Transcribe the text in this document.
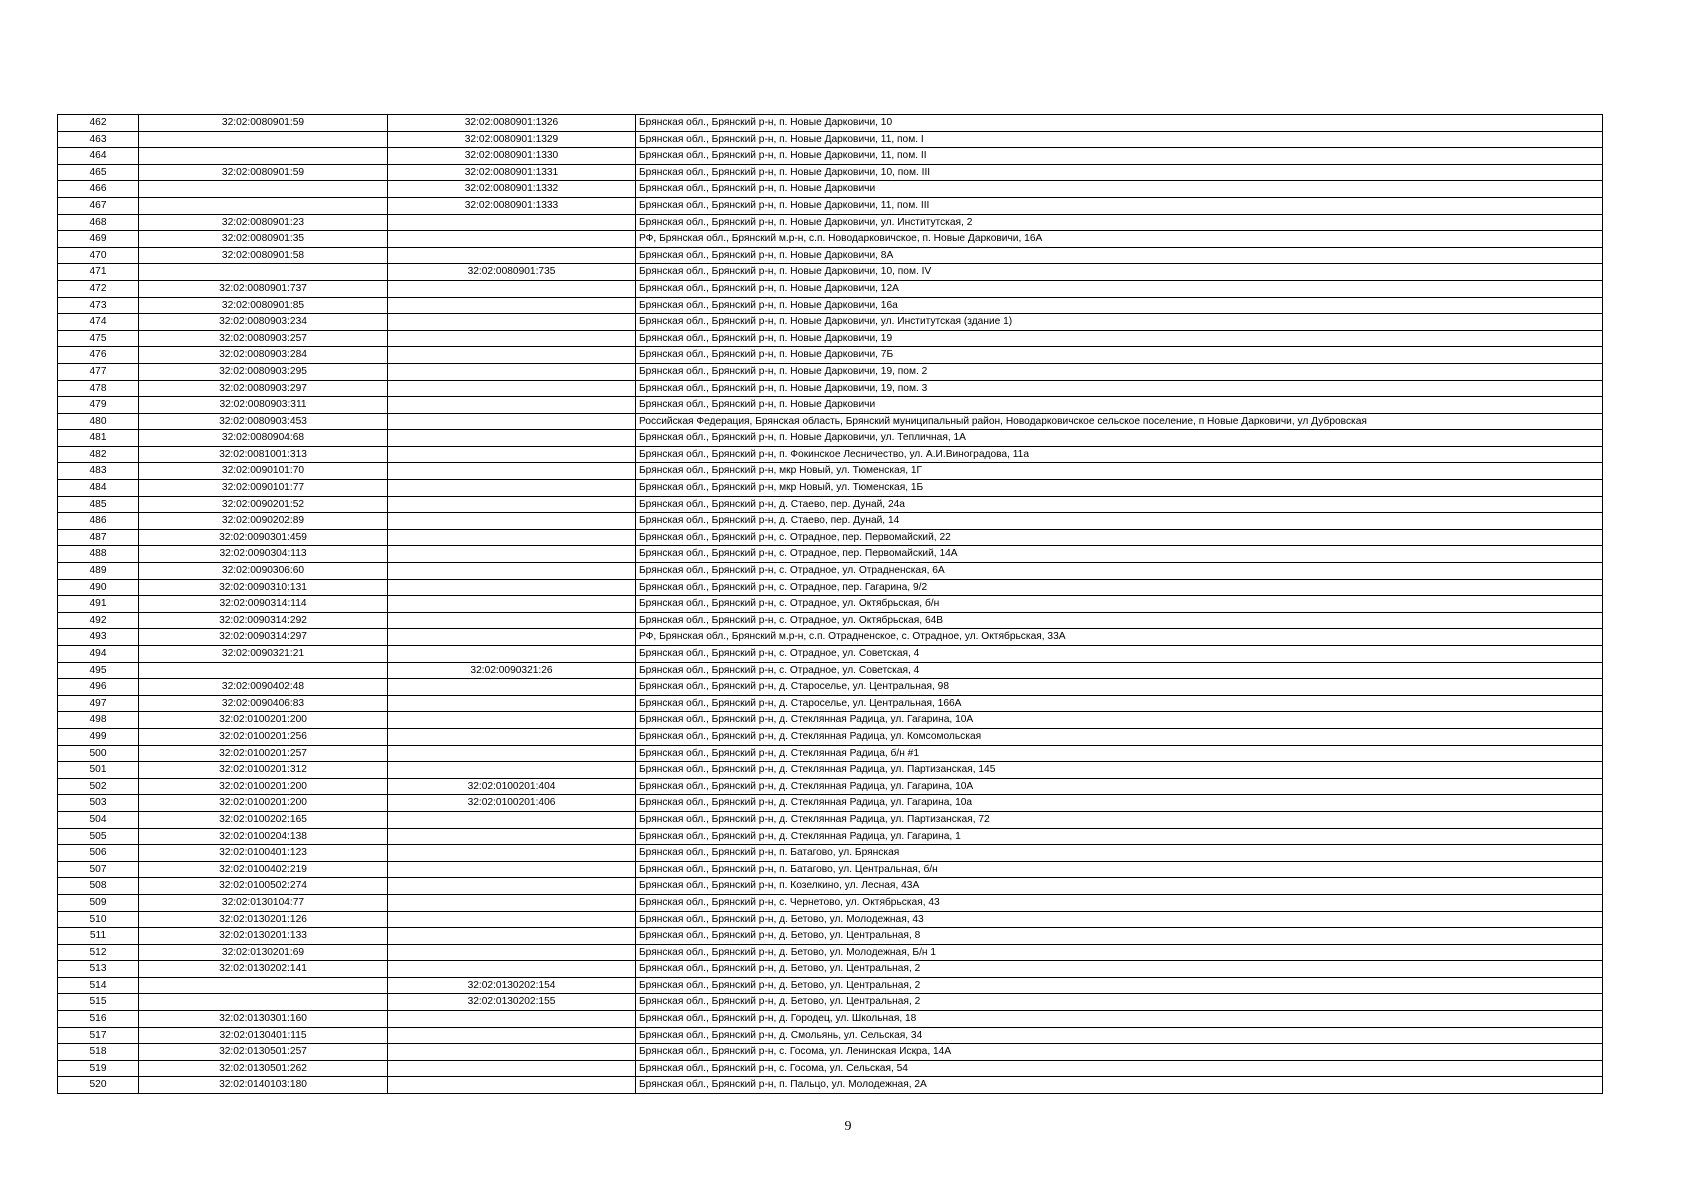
462	32:02:0080901:59	32:02:0080901:1326	Брянская обл., Брянский р-н, п. Новые Дарковичи, 10
463		32:02:0080901:1329	Брянская обл., Брянский р-н, п. Новые Дарковичи, 11, пом. I
464		32:02:0080901:1330	Брянская обл., Брянский р-н, п. Новые Дарковичи, 11, пом. II
465	32:02:0080901:59	32:02:0080901:1331	Брянская обл., Брянский р-н, п. Новые Дарковичи, 10, пом. III
466		32:02:0080901:1332	Брянская обл., Брянский р-н, п. Новые Дарковичи
467		32:02:0080901:1333	Брянская обл., Брянский р-н, п. Новые Дарковичи, 11, пом. III
468	32:02:0080901:23		Брянская обл., Брянский р-н, п. Новые Дарковичи, ул. Институтская, 2
469	32:02:0080901:35		РФ, Брянская обл., Брянский м.р-н, с.п. Новодарковичское, п. Новые Дарковичи, 16А
470	32:02:0080901:58		Брянская обл., Брянский р-н, п. Новые Дарковичи, 8А
471		32:02:0080901:735	Брянская обл., Брянский р-н, п. Новые Дарковичи, 10, пом. IV
472	32:02:0080901:737		Брянская обл., Брянский р-н, п. Новые Дарковичи, 12А
473	32:02:0080901:85		Брянская обл., Брянский р-н, п. Новые Дарковичи, 16а
474	32:02:0080903:234		Брянская обл., Брянский р-н, п. Новые Дарковичи, ул. Институтская (здание 1)
475	32:02:0080903:257		Брянская обл., Брянский р-н, п. Новые Дарковичи, 19
476	32:02:0080903:284		Брянская обл., Брянский р-н, п. Новые Дарковичи, 7Б
477	32:02:0080903:295		Брянская обл., Брянский р-н, п. Новые Дарковичи, 19, пом. 2
478	32:02:0080903:297		Брянская обл., Брянский р-н, п. Новые Дарковичи, 19, пом. 3
479	32:02:0080903:311		Брянская обл., Брянский р-н, п. Новые Дарковичи
480	32:02:0080903:453		Российская Федерация, Брянская область, Брянский муниципальный район, Новодарковичское сельское поселение, п Новые Дарковичи, ул Дубровская
481	32:02:0080904:68		Брянская обл., Брянский р-н, п. Новые Дарковичи, ул. Тепличная, 1А
482	32:02:0081001:313		Брянская обл., Брянский р-н, п. Фокинское Лесничество, ул. А.И.Виноградова, 11а
483	32:02:0090101:70		Брянская обл., Брянский р-н, мкр Новый, ул. Тюменская, 1Г
484	32:02:0090101:77		Брянская обл., Брянский р-н, мкр Новый, ул. Тюменская, 1Б
485	32:02:0090201:52		Брянская обл., Брянский р-н, д. Стаево, пер. Дунай, 24а
486	32:02:0090202:89		Брянская обл., Брянский р-н, д. Стаево, пер. Дунай, 14
487	32:02:0090301:459		Брянская обл., Брянский р-н, с. Отрадное, пер. Первомайский, 22
488	32:02:0090304:113		Брянская обл., Брянский р-н, с. Отрадное, пер. Первомайский, 14А
489	32:02:0090306:60		Брянская обл., Брянский р-н, с. Отрадное, ул. Отрадненская, 6А
490	32:02:0090310:131		Брянская обл., Брянский р-н, с. Отрадное, пер. Гагарина, 9/2
491	32:02:0090314:114		Брянская обл., Брянский р-н, с. Отрадное, ул. Октябрьская, б/н
492	32:02:0090314:292		Брянская обл., Брянский р-н, с. Отрадное, ул. Октябрьская, 64В
493	32:02:0090314:297		РФ, Брянская обл., Брянский м.р-н, с.п. Отрадненское, с. Отрадное, ул. Октябрьская, 33А
494	32:02:0090321:21		Брянская обл., Брянский р-н, с. Отрадное, ул. Советская, 4
495		32:02:0090321:26	Брянская обл., Брянский р-н, с. Отрадное, ул. Советская, 4
496	32:02:0090402:48		Брянская обл., Брянский р-н, д. Староселье, ул. Центральная, 98
497	32:02:0090406:83		Брянская обл., Брянский р-н, д. Староселье, ул. Центральная, 166А
498	32:02:0100201:200		Брянская обл., Брянский р-н, д. Стеклянная Радица, ул. Гагарина, 10А
499	32:02:0100201:256		Брянская обл., Брянский р-н, д. Стеклянная Радица, ул. Комсомольская
500	32:02:0100201:257		Брянская обл., Брянский р-н, д. Стеклянная Радица, б/н #1
501	32:02:0100201:312		Брянская обл., Брянский р-н, д. Стеклянная Радица, ул. Партизанская, 145
502	32:02:0100201:200	32:02:0100201:404	Брянская обл., Брянский р-н, д. Стеклянная Радица, ул. Гагарина, 10А
503	32:02:0100201:200	32:02:0100201:406	Брянская обл., Брянский р-н, д. Стеклянная Радица, ул. Гагарина, 10а
504	32:02:0100202:165		Брянская обл., Брянский р-н, д. Стеклянная Радица, ул. Партизанская, 72
505	32:02:0100204:138		Брянская обл., Брянский р-н, д. Стеклянная Радица, ул. Гагарина, 1
506	32:02:0100401:123		Брянская обл., Брянский р-н, п. Батагово, ул. Брянская
507	32:02:0100402:219		Брянская обл., Брянский р-н, п. Батагово, ул. Центральная, б/н
508	32:02:0100502:274		Брянская обл., Брянский р-н, п. Козелкино, ул. Лесная, 43А
509	32:02:0130104:77		Брянская обл., Брянский р-н, с. Чернетово, ул. Октябрьская, 43
510	32:02:0130201:126		Брянская обл., Брянский р-н, д. Бетово, ул. Молодежная, 43
511	32:02:0130201:133		Брянская обл., Брянский р-н, д. Бетово, ул. Центральная, 8
512	32:02:0130201:69		Брянская обл., Брянский р-н, д. Бетово, ул. Молодежная, Б/н 1
513	32:02:0130202:141		Брянская обл., Брянский р-н, д. Бетово, ул. Центральная, 2
514		32:02:0130202:154	Брянская обл., Брянский р-н, д. Бетово, ул. Центральная, 2
515		32:02:0130202:155	Брянская обл., Брянский р-н, д. Бетово, ул. Центральная, 2
516	32:02:0130301:160		Брянская обл., Брянский р-н, д. Городец, ул. Школьная, 18
517	32:02:0130401:115		Брянская обл., Брянский р-н, д. Смольянь, ул. Сельская, 34
518	32:02:0130501:257		Брянская обл., Брянский р-н, с. Госома, ул. Ленинская Искра, 14А
519	32:02:0130501:262		Брянская обл., Брянский р-н, с. Госома, ул. Сельская, 54
520	32:02:0140103:180		Брянская обл., Брянский р-н, п. Пальцо, ул. Молодежная, 2А
9
